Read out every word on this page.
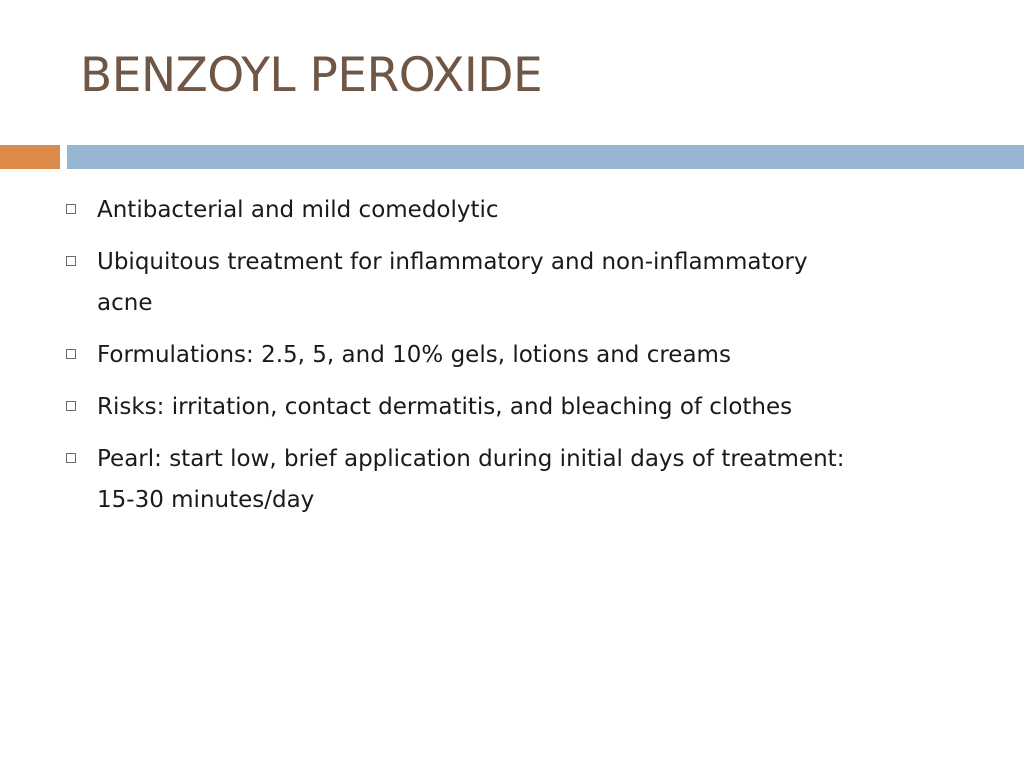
BENZOYL PEROXIDE
Antibacterial and mild comedolytic
Ubiquitous treatment for inflammatory and non-inflammatory acne
Formulations: 2.5, 5, and 10% gels, lotions and creams
Risks: irritation, contact dermatitis, and bleaching of clothes
Pearl: start low, brief application during initial days of treatment: 15-30 minutes/day
